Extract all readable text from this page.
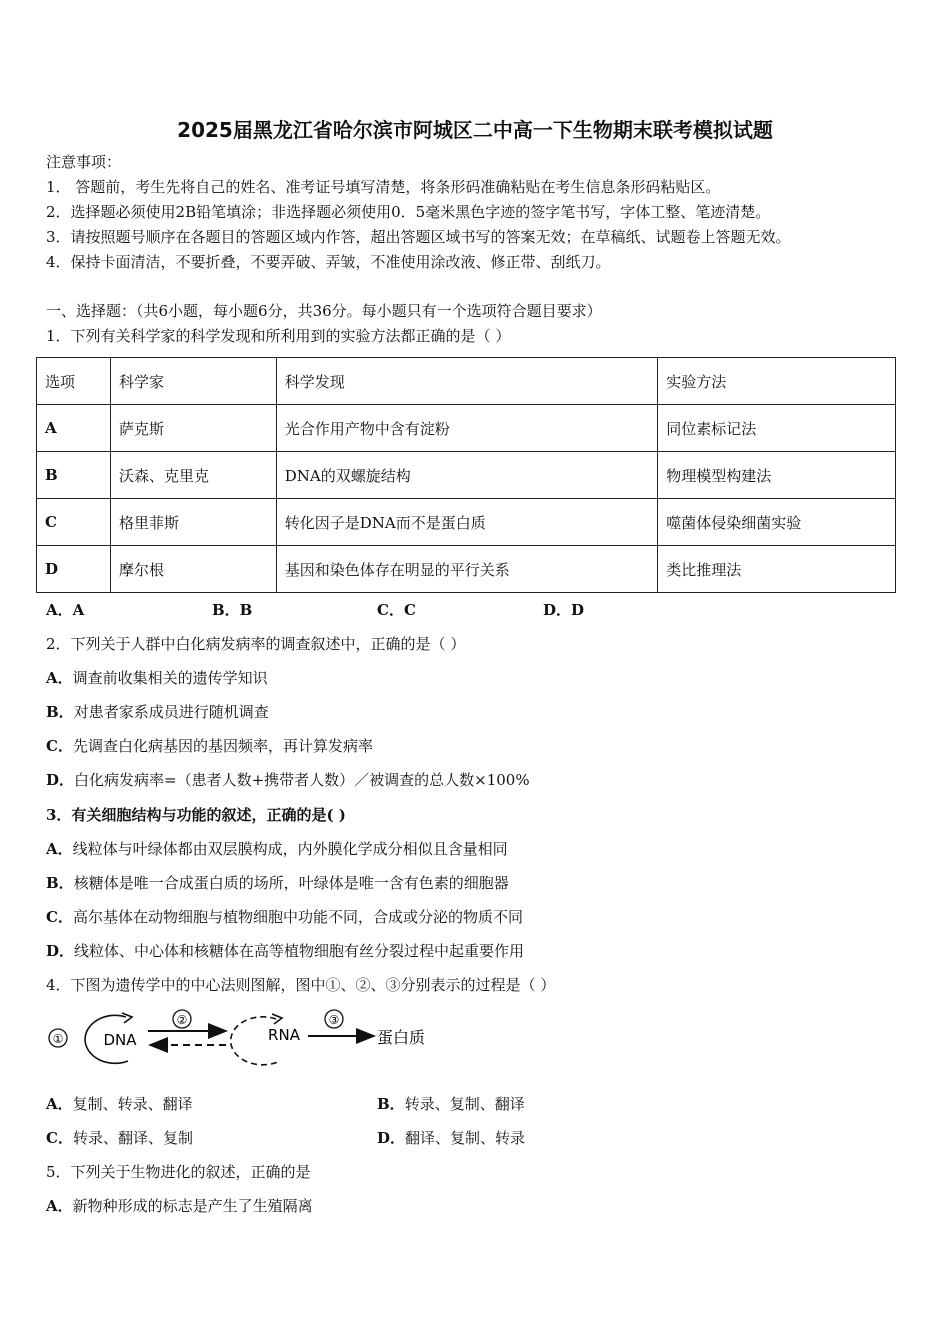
2025届黑龙江省哈尔滨市阿城区二中高一下生物期末联考模拟试题
注意事项：
1． 答题前，考生先将自己的姓名、准考证号填写清楚，将条形码准确粘贴在考生信息条形码粘贴区。
2．选择题必须使用2B铅笔填涂；非选择题必须使用0．5毫米黑色字迹的签字笔书写，字体工整、笔迹清楚。
3．请按照题号顺序在各题目的答题区域内作答，超出答题区域书写的答案无效；在草稿纸、试题卷上答题无效。
4．保持卡面清洁，不要折叠，不要弄破、弄皱，不准使用涂改液、修正带、刮纸刀。
一、选择题：（共6小题，每小题6分，共36分。每小题只有一个选项符合题目要求）
1．下列有关科学家的科学发现和所利用到的实验方法都正确的是（ ）
选项	科学家	科学发现	实验方法
A	萨克斯	光合作用产物中含有淀粉	同位素标记法
B	沃森、克里克	DNA的双螺旋结构	物理模型构建法
C	格里菲斯	转化因子是DNA而不是蛋白质	噬菌体侵染细菌实验
D	摩尔根	基因和染色体存在明显的平行关系	类比推理法
A．A	B．B	C．C	D．D
2．下列关于人群中白化病发病率的调查叙述中，正确的是（ ）
A．调查前收集相关的遗传学知识
B．对患者家系成员进行随机调查
C．先调查白化病基因的基因频率，再计算发病率
D．白化病发病率=（患者人数+携带者人数）／被调查的总人数×100%
3．有关细胞结构与功能的叙述，正确的是( )
A．线粒体与叶绿体都由双层膜构成，内外膜化学成分相似且含量相同
B．核糖体是唯一合成蛋白质的场所，叶绿体是唯一含有色素的细胞器
C．高尔基体在动物细胞与植物细胞中功能不同，合成或分泌的物质不同
D．线粒体、中心体和核糖体在高等植物细胞有丝分裂过程中起重要作用
4．下图为遗传学中的中心法则图解，图中①、②、③分别表示的过程是（ ）
①	DNA
②
RNA
③
蛋白质
A．复制、转录、翻译	B．转录、复制、翻译
C．转录、翻译、复制	D．翻译、复制、转录
5．下列关于生物进化的叙述，正确的是
A．新物种形成的标志是产生了生殖隔离
